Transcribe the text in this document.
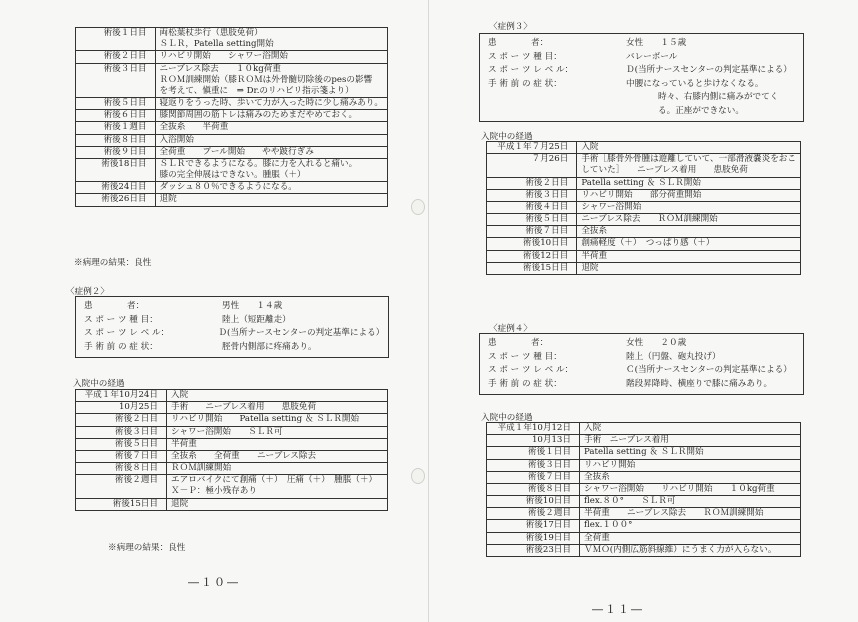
術後１日目	両松葉杖歩行（患肢免荷）
ＳＬＲ，Patella setting開始

術後２日目	リハビリ開始　　シャワー浴開始

術後３日目	ニーブレス除去　　１０kg荷重
ＲＯＭ訓練開始（膝ＲＯＭは外骨髄切除後のpesの影響
を考えて、愼重に　⇒ Dr.のリハビリ指示箋より）

術後５日目	寝返りをうった時、歩いて力が入った時に少し痛みあり。

術後６日目	膝関節周囲の筋トレは痛みのためまだやめておく。

術後１週目	全抜糸　　半荷重

術後８日目	入浴開始

術後９日目	全荷重　　プール開始　　やや跛行ぎみ

術後18日目	ＳＬＲできるようになる。膝に力を入れると痛い。
膝の完全伸展はできない。腫脹（＋）

術後24日目	ダッシュ８０％できるようになる。

術後26日目	退院
※病理の結果：良性
〈症例２〉
患　　　　者：	男性　　１４歳
ス ポ ー ツ 種 目：	陸上（短距離走）
ス ポ ー ツ レ ベ ル：	Ｄ(当所ナースセンターの判定基準による）
手 術 前 の 症 状：	脛骨内側部に疼痛あり。
入院中の経過
平成１年10月24日	入院

10月25日	手術　　ニーブレス着用　　患肢免荷

術後２日目	リハビリ開始　　Patella setting ＆ ＳＬＲ開始

術後３日目	シャワー浴開始　　ＳＬＲ可

術後５日目	半荷重

術後７日目	全抜糸　　全荷重　　ニーブレス除去

術後８日目	ＲＯＭ訓練開始

術後２週目	エアロバイクにて創痛（＋）　圧痛（＋）　腫脹（＋）
Ｘ－Ｐ：極小残存あり

術後15日目	退院
※病理の結果：良性
―１０―
〈症例３〉
患　　　　者：	女性　　１５歳
ス ポ ー ツ 種 目：	バレーボール
ス ポ ー ツ レ ベ ル：	Ｄ(当所ナースセンターの判定基準による）
手 術 前 の 症 状：	中腰になっていると歩けなくなる。
時々、右膝内側に痛みがでてくる。正座ができない。
入院中の経過
平成１年７月25日	入院

７月26日	手術［膝骨外骨腫は遊離していて、一部滑液嚢炎をおこ
していた］　　ニーブレス着用　　患肢免荷

術後２日目	Patella setting ＆ ＳＬＲ開始

術後３日目	リハビリ開始　　部分荷重開始

術後４日目	シャワー浴開始

術後５日目	ニーブレス除去　　ＲＯＭ訓練開始

術後７日目	全抜糸

術後10日目	創痛軽度（＋）　つっぱり感（＋）

術後12日目	半荷重

術後15日目	退院
〈症例４〉
患　　　　者：	女性　　２０歳
ス ポ ー ツ 種 目：	陸上（円盤、砲丸投げ）
ス ポ ー ツ レ ベ ル：	Ｃ(当所ナースセンターの判定基準による）
手 術 前 の 症 状：	階段昇降時、横座りで膝に痛みあり。
入院中の経過
平成１年10月12日	入院

10月13日	手術　ニーブレス着用

術後１日目	Patella setting ＆ ＳＬＲ開始

術後３日目	リハビリ開始

術後７日目	全抜糸

術後８日目	シャワー浴開始　　リハビリ開始　　１０kg荷重

術後10日目	flex.８０°　　ＳＬＲ可

術後２週目	半荷重　　ニーブレス除去　　ＲＯＭ訓練開始

術後17日目	flex.１００°

術後19日目	全荷重

術後23日目	ＶＭＯ(内側広筋斜線維）にうまく力が入らない。
―１１―
